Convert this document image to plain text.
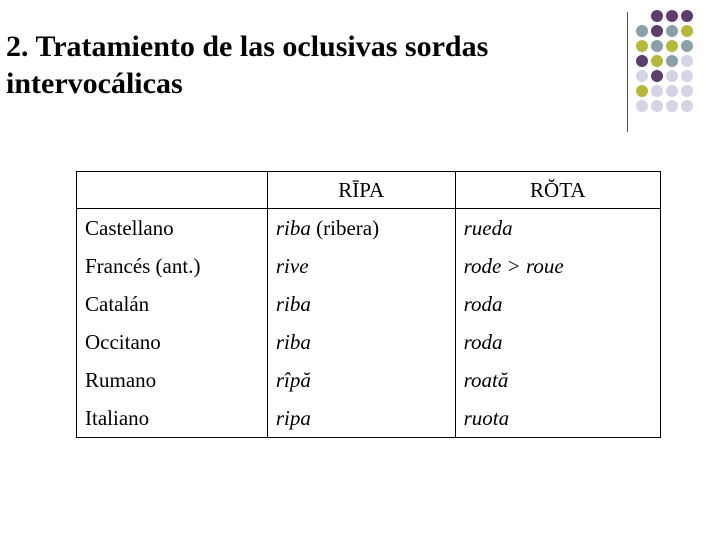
2. Tratamiento de las oclusivas sordas intervocálicas
	RĪPA	RŎTA
Castellano	riba (ribera)	rueda
Francés (ant.)	rive	rode > roue
Catalán	riba	roda
Occitano	riba	roda
Rumano	rîpă	roată
Italiano	ripa	ruota
